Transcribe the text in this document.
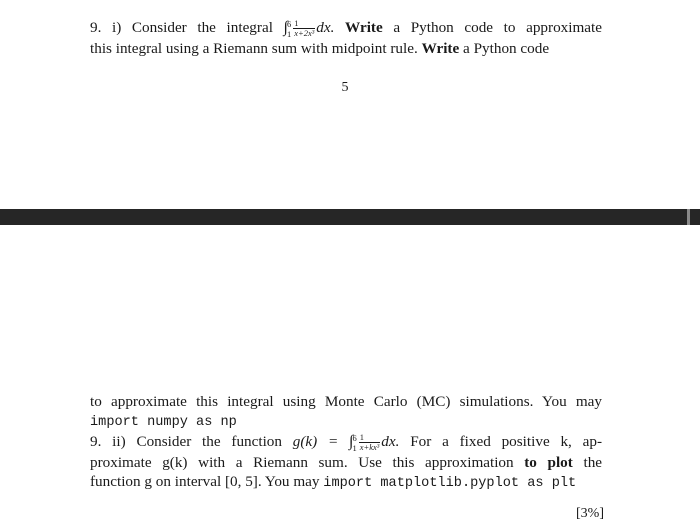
9. i) Consider the integral ∫ 6
$1 \frac{1}{\text{x+2x³}}$ dx. Write a Python code to approximate
this integral using a Riemann sum with midpoint rule. Write a Python code
5
to approximate this integral using Monte Carlo (MC) simulations. You may
import numpy as np
9. ii) Consider the function g(k) = ∫ 6
$1 \frac{1}{\text{x+kx³}}$ dx. For a fixed positive k, ap-
proximate g(k) with a Riemann sum. Use this approximation to plot the
function g on interval [0, 5]. You may import matplotlib.pyplot as plt
[3%]
